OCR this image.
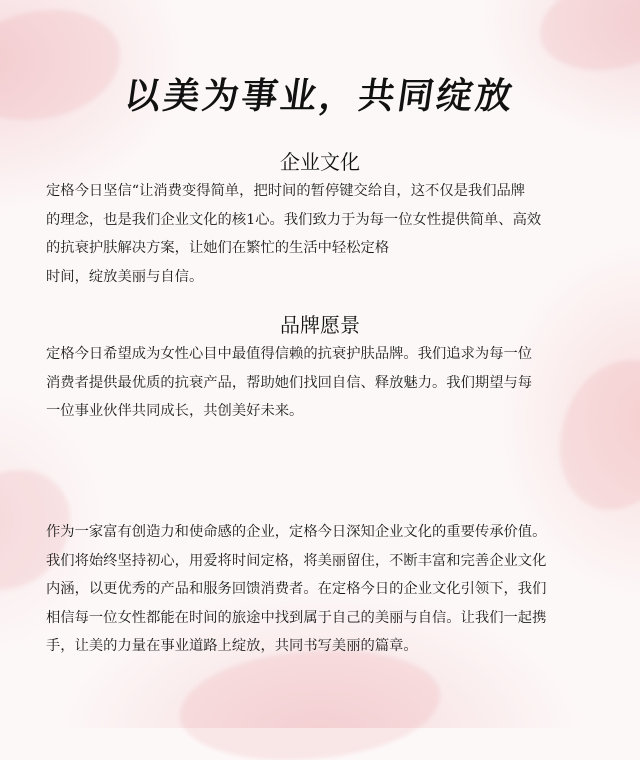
以美为事业，共同绽放
企业文化
定格今日坚信“让消费变得简单，把时间的暂停键交给自，这不仅是我们品牌
的理念，也是我们企业文化的核1心。我们致力于为每一位女性提供简单、高效
的抗衰护肤解决方案，让她们在繁忙的生活中轻松定格
时间，绽放美丽与自信。
品牌愿景
定格今日希望成为女性心目中最值得信赖的抗衰护肤品牌。我们追求为每一位
消费者提供最优质的抗衰产品，帮助她们找回自信、释放魅力。我们期望与每
一位事业伙伴共同成长，共创美好未来。
作为一家富有创造力和使命感的企业，定格今日深知企业文化的重要传承价值。
我们将始终坚持初心，用爱将时间定格，将美丽留住，不断丰富和完善企业文化
内涵，以更优秀的产品和服务回馈消费者。在定格今日的企业文化引领下，我们
相信每一位女性都能在时间的旅途中找到属于自己的美丽与自信。让我们一起携
手，让美的力量在事业道路上绽放，共同书写美丽的篇章。
